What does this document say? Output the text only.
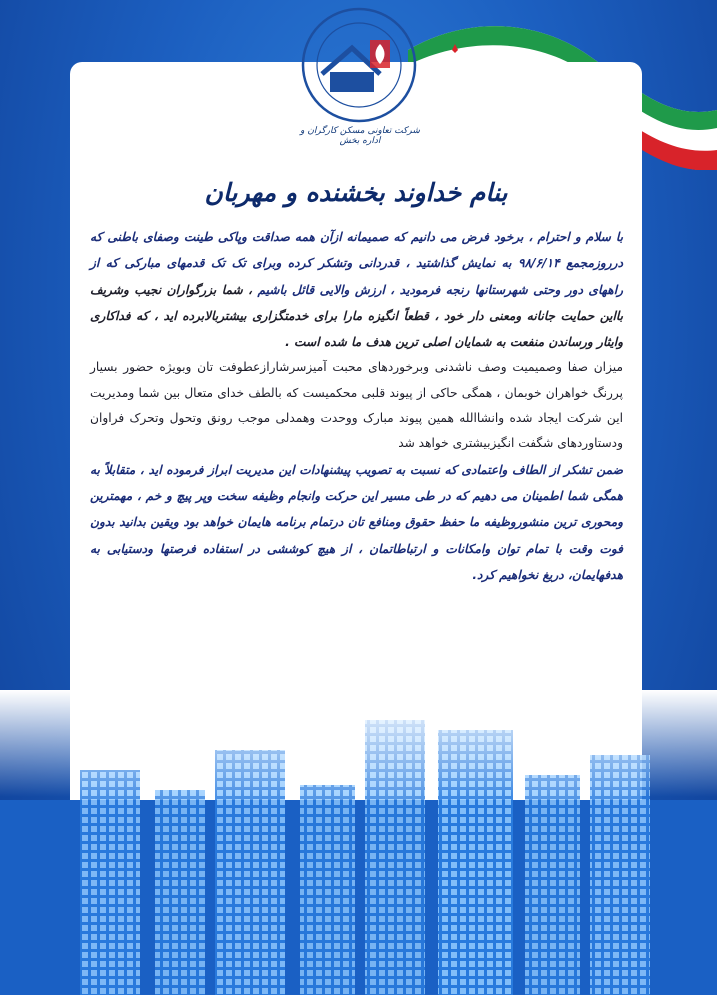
شرکت تعاونی مسکن کارگران و اداره بخش
بنام خداوند بخشنده و مهربان

با سلام و احترام ، برخود فرض می دانیم که صمیمانه ازآن همه صداقت وپاکی طینت وصفای باطنی که درروزمجمع ۹۸/۶/۱۴ به نمایش گذاشتید ، قدردانی وتشکر کرده وبرای تک تک قدمهای مبارکی که از راههای دور وحتی شهرستانها رنجه فرمودید ، ارزش والایی قائل باشیم ، شما بزرگواران نجیب وشریف بااین حمایت جانانه ومعنی دار خود ، قطعاً انگیزه مارا برای خدمتگزاری بیشتربالابرده اید ، که فداکاری وایثار ورساندن منفعت به شمایان اصلی ترین هدف ما شده است .

میزان صفا وصمیمیت وصف ناشدنی وبرخوردهای محبت آمیزسرشارازعطوفت تان وبویژه حضور بسیار پررنگ خواهران خوبمان ، همگی حاکی از پیوند قلبی محکمیست که بالطف خدای متعال بین شما ومدیریت این شرکت ایجاد شده وانشاالله همین پیوند مبارک ووحدت وهمدلی موجب رونق وتحول وتحرک فراوان ودستاوردهای شگفت انگیزبیشتری خواهد شد

ضمن تشکر از الطاف واعتمادی که نسبت به تصویب پیشنهادات این مدیریت ابراز فرموده اید ، متقابلاً به همگی شما اطمینان می دهیم که در طی مسیر این حرکت وانجام وظیفه سخت وپر پیچ و خم ، مهمترین ومحوری ترین منشوروظیفه ما حفظ حقوق ومنافع تان درتمام برنامه هایمان خواهد بود ویقین بدانید بدون فوت وقت با تمام توان وامکانات و ارتباطاتمان ، از هیچ کوششی در استفاده فرصتها ودستیابی به هدفهایمان، دریغ نخواهیم کرد.
